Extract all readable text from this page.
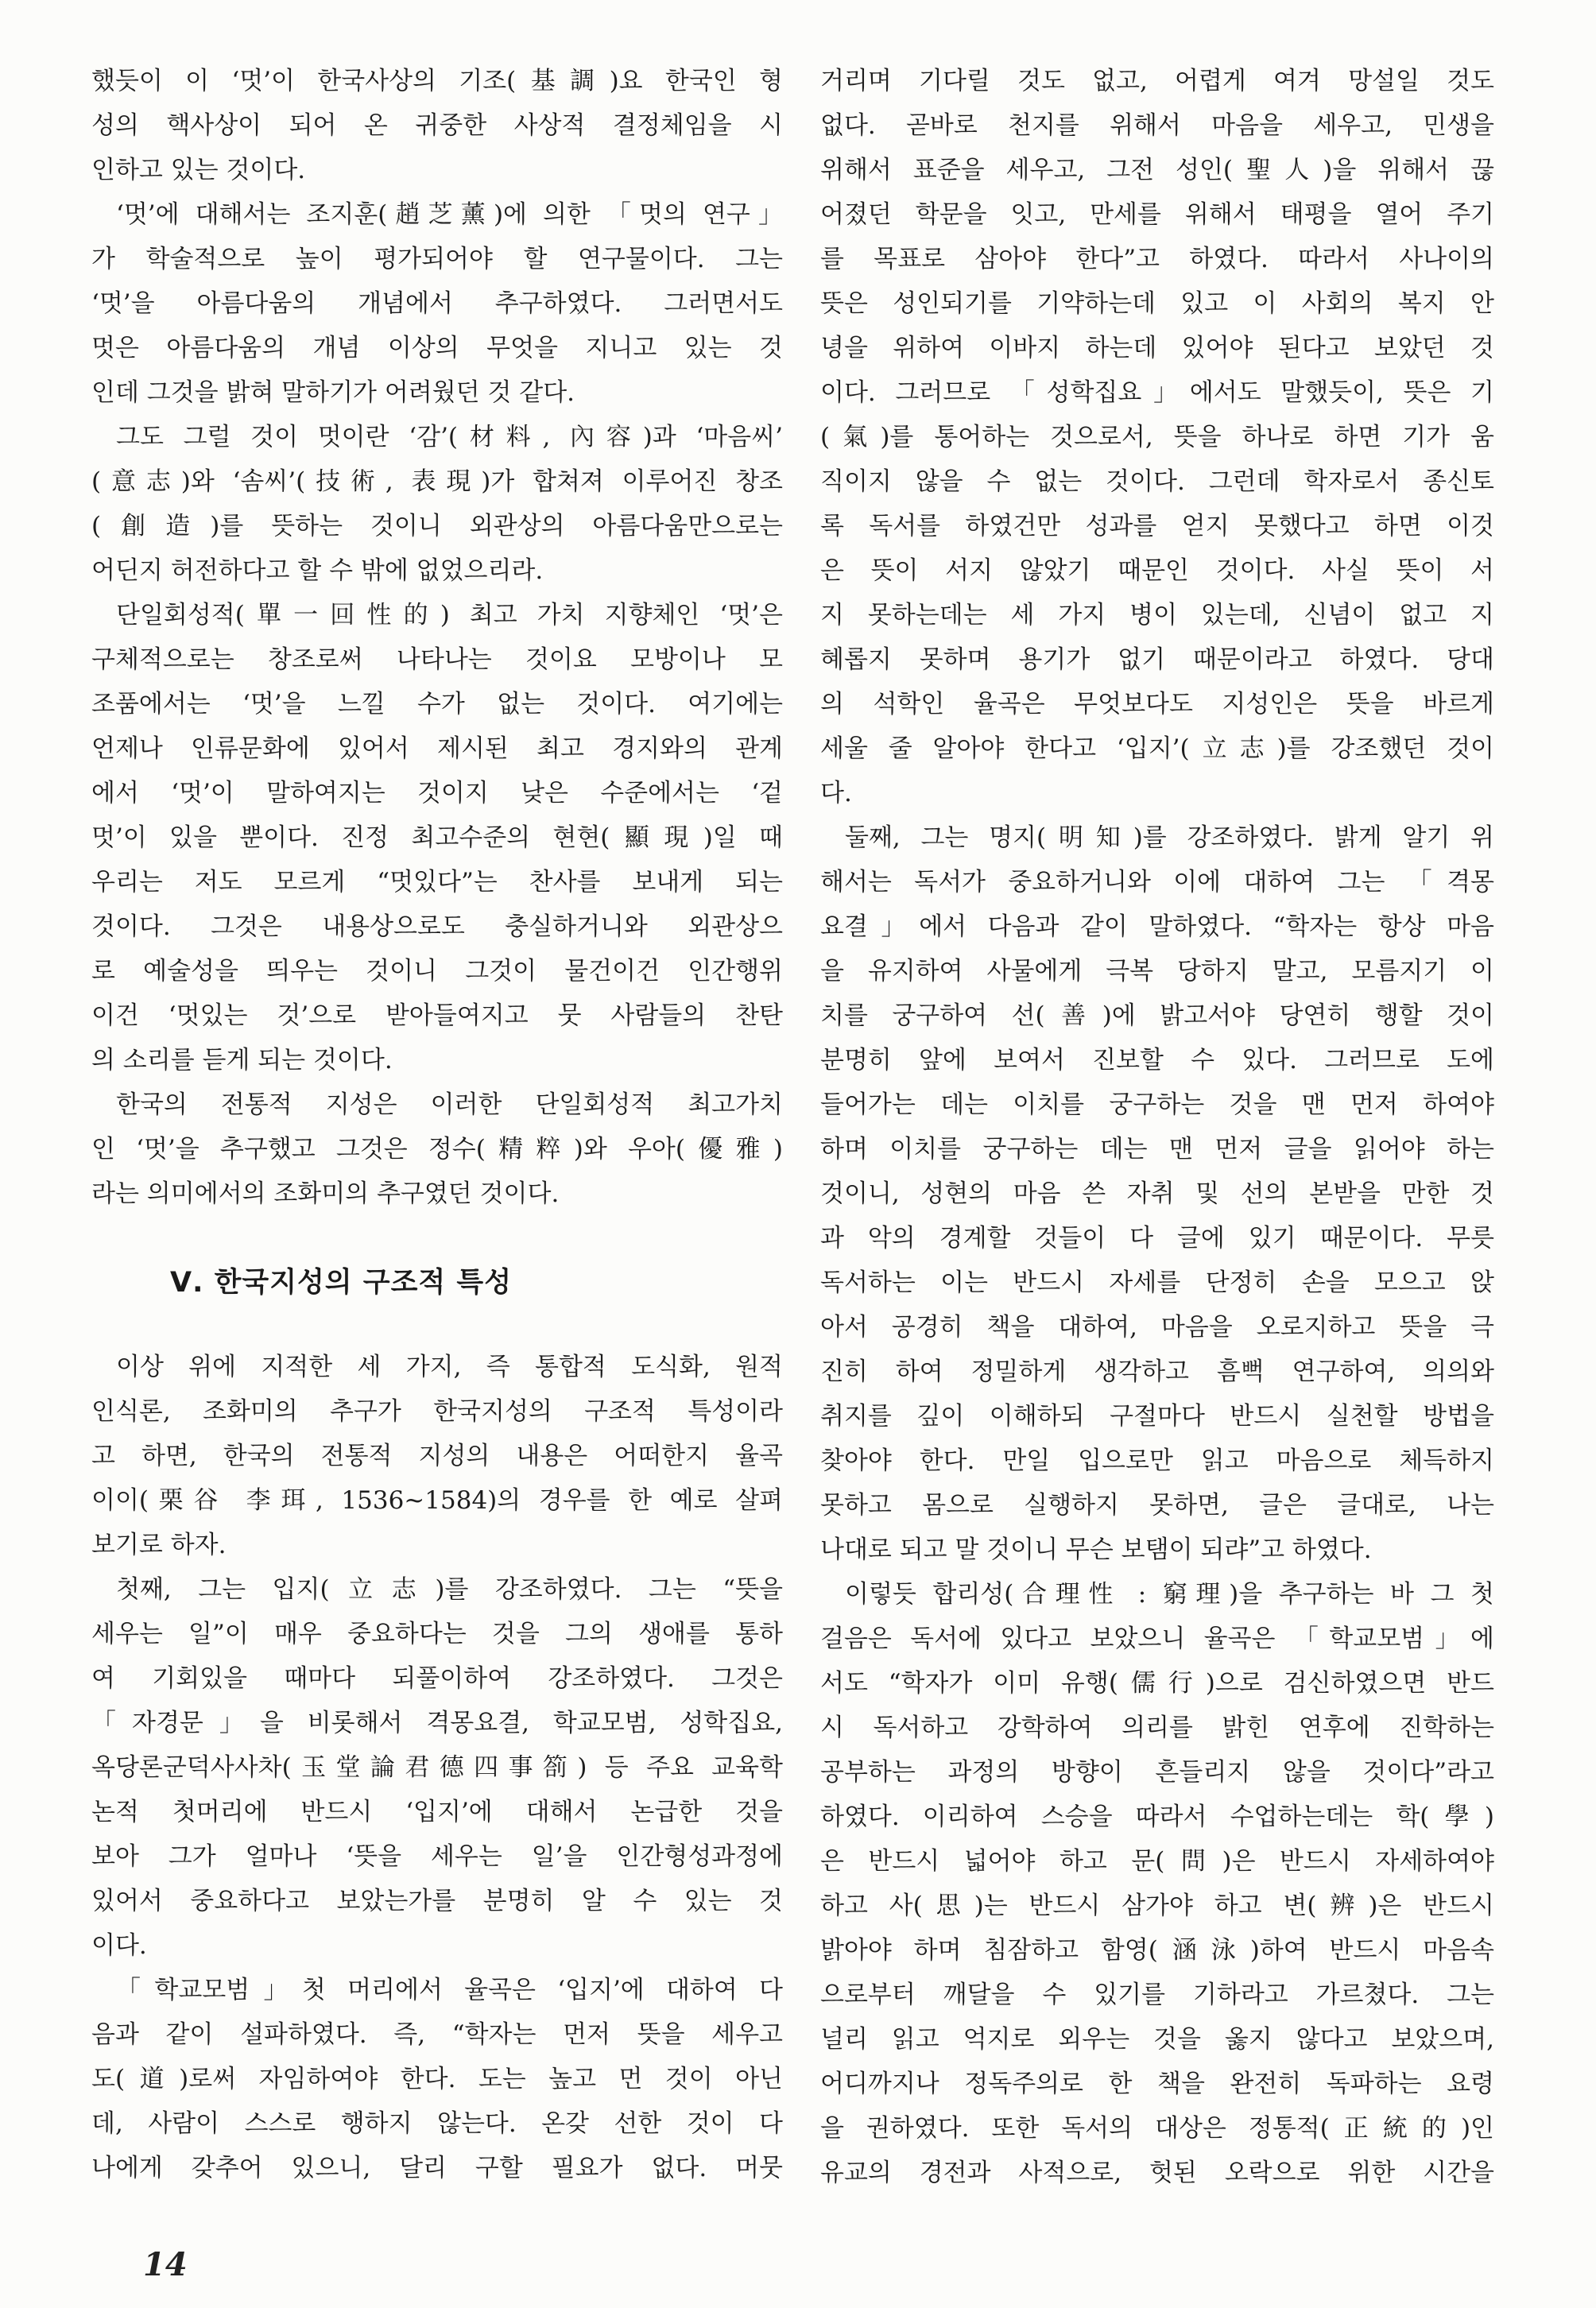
했듯이 이 ‘멋’이 한국사상의 기조(基調)요 한국인 형
성의 핵사상이 되어 온 귀중한 사상적 결정체임을 시
인하고 있는 것이다.
‘멋’에 대해서는 조지훈(趙芝薰)에 의한 「멋의 연구」
가 학술적으로 높이 평가되어야 할 연구물이다. 그는
‘멋’을 아름다움의 개념에서 추구하였다. 그러면서도
멋은 아름다움의 개념 이상의 무엇을 지니고 있는 것
인데 그것을 밝혀 말하기가 어려웠던 것 같다.
그도 그럴 것이 멋이란 ‘감’(材料, 內容)과 ‘마음씨’
(意志)와 ‘솜씨’(技術, 表現)가 합쳐져 이루어진 창조
(創造)를 뜻하는 것이니 외관상의 아름다움만으로는
어딘지 허전하다고 할 수 밖에 없었으리라.
단일회성적(單一回性的) 최고 가치 지향체인 ‘멋’은
구체적으로는 창조로써 나타나는 것이요 모방이나 모
조품에서는 ‘멋’을 느낄 수가 없는 것이다. 여기에는
언제나 인류문화에 있어서 제시된 최고 경지와의 관계
에서 ‘멋’이 말하여지는 것이지 낮은 수준에서는 ‘겉
멋’이 있을 뿐이다. 진정 최고수준의 현현(顯現)일 때
우리는 저도 모르게 “멋있다”는 찬사를 보내게 되는
것이다. 그것은 내용상으로도 충실하거니와 외관상으
로 예술성을 띄우는 것이니 그것이 물건이건 인간행위
이건 ‘멋있는 것’으로 받아들여지고 뭇 사람들의 찬탄
의 소리를 듣게 되는 것이다.
한국의 전통적 지성은 이러한 단일회성적 최고가치
인 ‘멋’을 추구했고 그것은 정수(精粹)와 우아(優雅)
라는 의미에서의 조화미의 추구였던 것이다.
Ⅴ. 한국지성의 구조적 특성
이상 위에 지적한 세 가지, 즉 통합적 도식화, 원적
인식론, 조화미의 추구가 한국지성의 구조적 특성이라
고 하면, 한국의 전통적 지성의 내용은 어떠한지 율곡
이이(栗谷 李珥, 1536~1584)의 경우를 한 예로 살펴
보기로 하자.
첫째, 그는 입지(立志)를 강조하였다. 그는 “뜻을
세우는 일”이 매우 중요하다는 것을 그의 생애를 통하
여 기회있을 때마다 되풀이하여 강조하였다. 그것은
「자경문」을 비롯해서 격몽요결, 학교모범, 성학집요,
옥당론군덕사사차(玉堂論君德四事箚) 등 주요 교육학
논적 첫머리에 반드시 ‘입지’에 대해서 논급한 것을
보아 그가 얼마나 ‘뜻을 세우는 일’을 인간형성과정에
있어서 중요하다고 보았는가를 분명히 알 수 있는 것
이다.
「학교모범」첫 머리에서 율곡은 ‘입지’에 대하여 다
음과 같이 설파하였다. 즉, “학자는 먼저 뜻을 세우고
도(道)로써 자임하여야 한다. 도는 높고 먼 것이 아닌
데, 사람이 스스로 행하지 않는다. 온갖 선한 것이 다
나에게 갖추어 있으니, 달리 구할 필요가 없다. 머뭇
거리며 기다릴 것도 없고, 어렵게 여겨 망설일 것도
없다. 곧바로 천지를 위해서 마음을 세우고, 민생을
위해서 표준을 세우고, 그전 성인(聖人)을 위해서 끊
어졌던 학문을 잇고, 만세를 위해서 태평을 열어 주기
를 목표로 삼아야 한다”고 하였다. 따라서 사나이의
뜻은 성인되기를 기약하는데 있고 이 사회의 복지 안
녕을 위하여 이바지 하는데 있어야 된다고 보았던 것
이다. 그러므로 「성학집요」에서도 말했듯이, 뜻은 기
(氣)를 통어하는 것으로서, 뜻을 하나로 하면 기가 움
직이지 않을 수 없는 것이다. 그런데 학자로서 종신토
록 독서를 하였건만 성과를 얻지 못했다고 하면 이것
은 뜻이 서지 않았기 때문인 것이다. 사실 뜻이 서
지 못하는데는 세 가지 병이 있는데, 신념이 없고 지
혜롭지 못하며 용기가 없기 때문이라고 하였다. 당대
의 석학인 율곡은 무엇보다도 지성인은 뜻을 바르게
세울 줄 알아야 한다고 ‘입지’(立志)를 강조했던 것이
다.
둘째, 그는 명지(明知)를 강조하였다. 밝게 알기 위
해서는 독서가 중요하거니와 이에 대하여 그는 「격몽
요결」에서 다음과 같이 말하였다. “학자는 항상 마음
을 유지하여 사물에게 극복 당하지 말고, 모름지기 이
치를 궁구하여 선(善)에 밝고서야 당연히 행할 것이
분명히 앞에 보여서 진보할 수 있다. 그러므로 도에
들어가는 데는 이치를 궁구하는 것을 맨 먼저 하여야
하며 이치를 궁구하는 데는 맨 먼저 글을 읽어야 하는
것이니, 성현의 마음 쓴 자취 및 선의 본받을 만한 것
과 악의 경계할 것들이 다 글에 있기 때문이다. 무릇
독서하는 이는 반드시 자세를 단정히 손을 모으고 앉
아서 공경히 책을 대하여, 마음을 오로지하고 뜻을 극
진히 하여 정밀하게 생각하고 흠뻑 연구하여, 의의와
취지를 깊이 이해하되 구절마다 반드시 실천할 방법을
찾아야 한다. 만일 입으로만 읽고 마음으로 체득하지
못하고 몸으로 실행하지 못하면, 글은 글대로, 나는
나대로 되고 말 것이니 무슨 보탬이 되랴”고 하였다.
이렇듯 합리성(合理性 : 窮理)을 추구하는 바 그 첫
걸음은 독서에 있다고 보았으니 율곡은 「학교모범」에
서도 “학자가 이미 유행(儒行)으로 검신하였으면 반드
시 독서하고 강학하여 의리를 밝힌 연후에 진학하는
공부하는 과정의 방향이 흔들리지 않을 것이다”라고
하였다. 이리하여 스승을 따라서 수업하는데는 학(學)
은 반드시 넓어야 하고 문(問)은 반드시 자세하여야
하고 사(思)는 반드시 삼가야 하고 변(辨)은 반드시
밝아야 하며 침잠하고 함영(涵泳)하여 반드시 마음속
으로부터 깨달을 수 있기를 기하라고 가르쳤다. 그는
널리 읽고 억지로 외우는 것을 옳지 않다고 보았으며,
어디까지나 정독주의로 한 책을 완전히 독파하는 요령
을 권하였다. 또한 독서의 대상은 정통적(正統的)인
유교의 경전과 사적으로, 헛된 오락으로 위한 시간을
14
